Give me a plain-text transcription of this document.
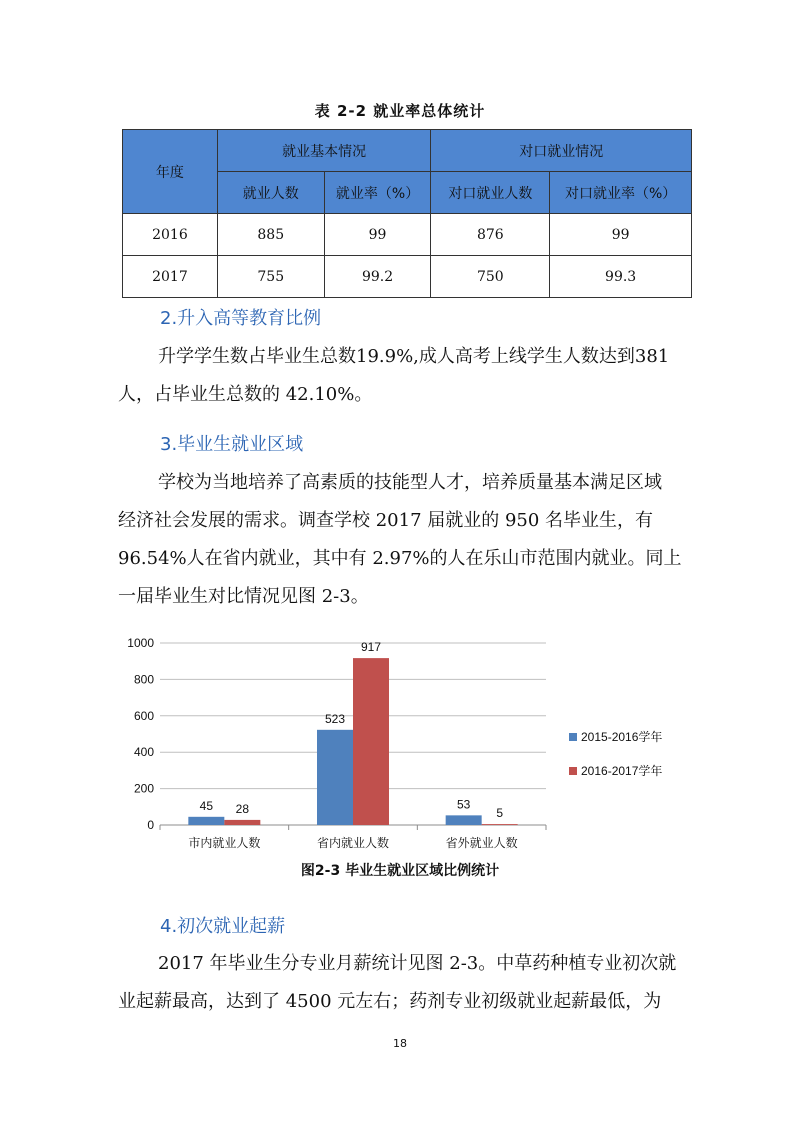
表 2-2 就业率总体统计
年度	就业基本情况		对口就业情况	
	就业人数	就业率（%）	对口就业人数	对口就业率（%）
2016	885	99	876	99
2017	755	99.2	750	99.3
2.升入高等教育比例
升学学生数占毕业生总数19.9%,成人高考上线学生人数达到381
人，占毕业生总数的 42.10%。
3.毕业生就业区域
学校为当地培养了高素质的技能型人才，培养质量基本满足区域
经济社会发展的需求。调查学校 2017 届就业的 950 名毕业生，有
96.54%人在省内就业，其中有 2.97%的人在乐山市范围内就业。同上
一届毕业生对比情况见图 2-3。
0
200
400
600
800
1000
市内就业人数
45 28
省内就业人数
523
917
省外就业人数
53
5
2015-2016学年
2016-2017学年
图2-3 毕业生就业区域比例统计
4.初次就业起薪
2017 年毕业生分专业月薪统计见图 2-3。中草药种植专业初次就
业起薪最高，达到了 4500 元左右；药剂专业初级就业起薪最低，为
18
